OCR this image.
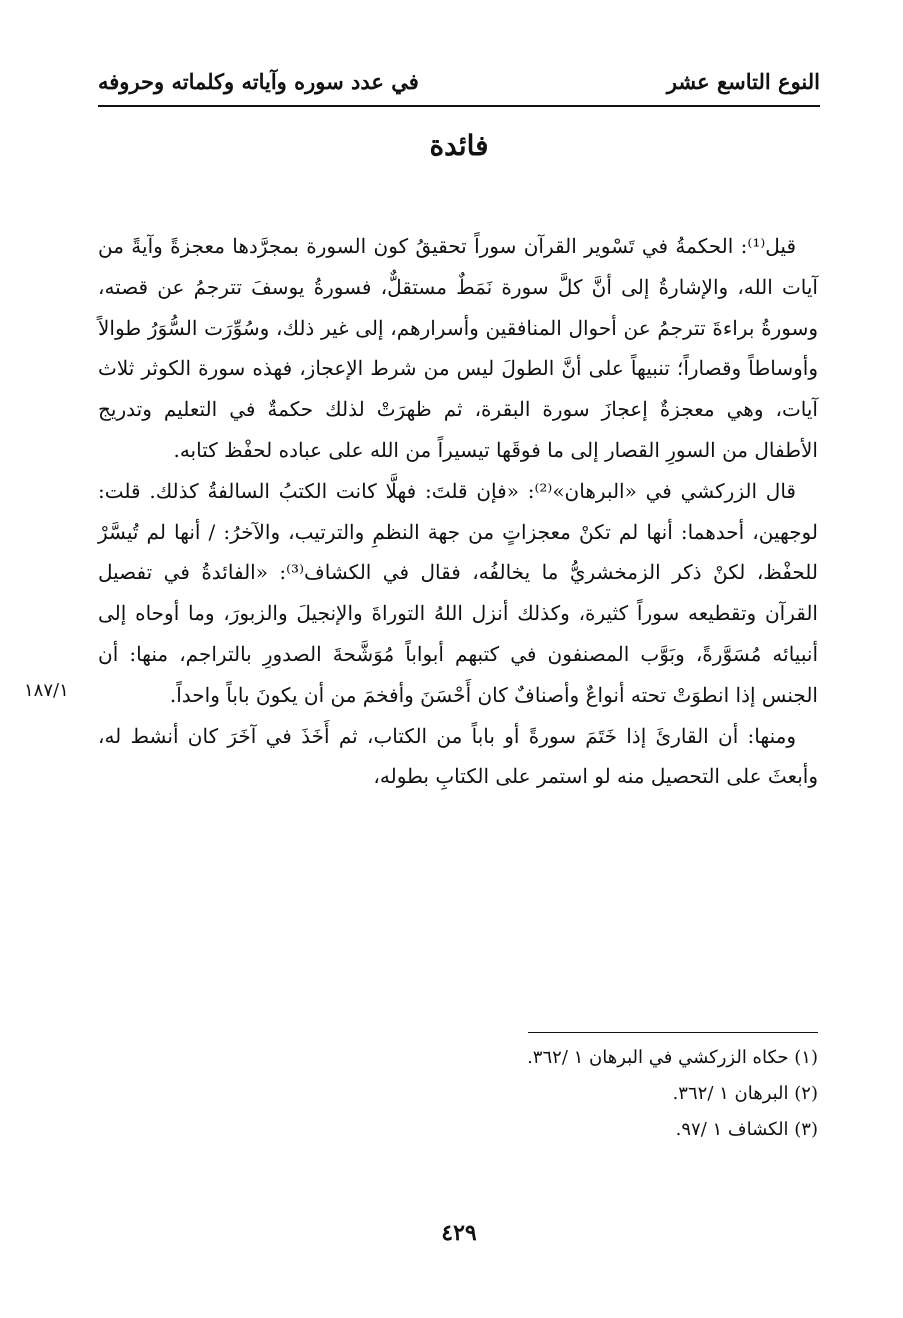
النوع التاسع عشر
في عدد سوره وآياته وكلماته وحروفه
فائدة

قيل⁽¹⁾: الحكمةُ في تَسْوير القرآن سوراً تحقيقُ كون السورة بمجرَّدها معجزةً وآيةً من آيات الله، والإشارةُ إلى أنَّ كلَّ سورة نَمَطٌ مستقلٌّ، فسورةُ يوسفَ تترجمُ عن قصته، وسورةُ براءةَ تترجمُ عن أحوال المنافقين وأسرارهم، إلى غير ذلك، وسُوِّرَت السُّوَرُ طوالاً وأوساطاً وقصاراً؛ تنبيهاً على أنَّ الطولَ ليس من شرط الإعجاز، فهذه سورة الكوثر ثلاث آيات، وهي معجزةٌ إعجازَ سورة البقرة، ثم ظهرَتْ لذلك حكمةٌ في التعليم وتدريج الأطفال من السورِ القصار إلى ما فوقَها تيسيراً من الله على عباده لحفْظ كتابه.

قال الزركشي في «البرهان»⁽²⁾: «فإن قلتَ: فهلَّا كانت الكتبُ السالفةُ كذلك. قلت: لوجهين، أحدهما: أنها لم تكنْ معجزاتٍ من جهة النظمِ والترتيب، والآخرُ: / أنها لم تُيسَّرْ للحفْظ، لكنْ ذكر الزمخشريُّ ما يخالفُه، فقال في الكشاف⁽³⁾: «الفائدةُ في تفصيل القرآن وتقطيعه سوراً كثيرة، وكذلك أنزل اللهُ التوراةَ والإنجيلَ والزبورَ، وما أوحاه إلى أنبيائه مُسَوَّرةً، وبَوَّب المصنفون في كتبهم أبواباً مُوَشَّحةَ الصدورِ بالتراجم، منها: أن الجنس إذا انطوَتْ تحته أنواعٌ وأصنافٌ كان أَحْسَنَ وأفخمَ من أن يكونَ باباً واحداً.

ومنها: أن القارئَ إذا خَتَمَ سورةً أو باباً من الكتاب، ثم أَخَذَ في آخَرَ كان أنشط له، وأبعثَ على التحصيل منه لو استمر على الكتابِ بطوله،

١٨٧/١
(١) حكاه الزركشي في البرهان ١ /٣٦٢.
(٢) البرهان ١ /٣٦٢.
(٣) الكشاف ١ /٩٧.
٤٢٩
